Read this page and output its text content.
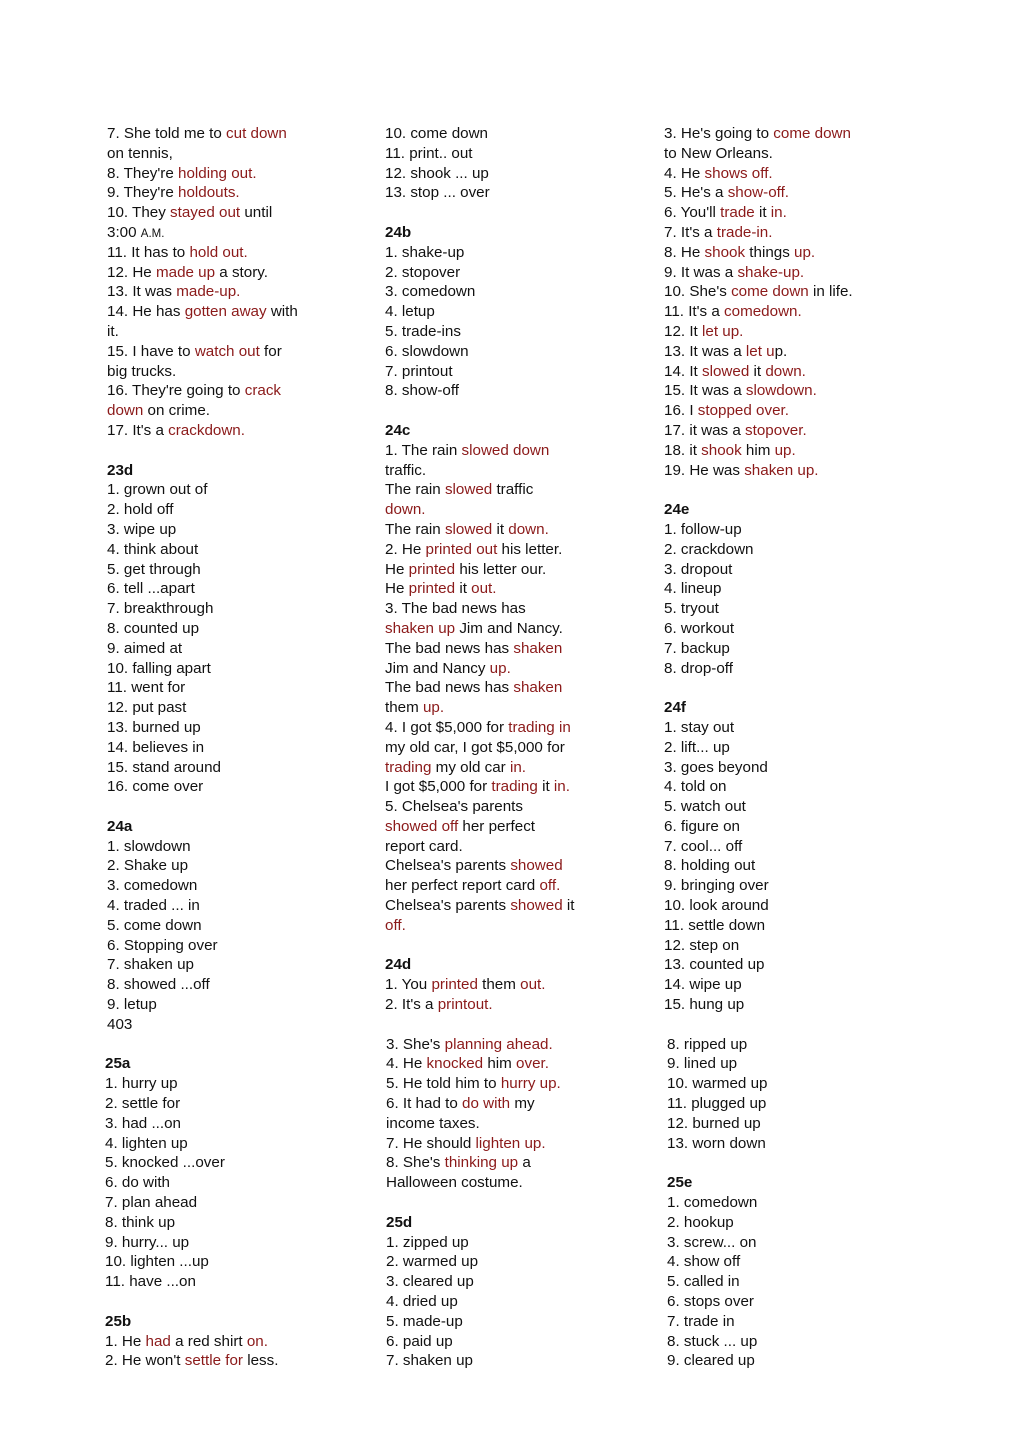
7. She told me to cut down
on tennis,
8. They're holding out.
9. They're holdouts.
10. They stayed out until
3:00 A.M.
11. It has to hold out.
12. He made up a story.
13. It was made-up.
14. He has gotten away with
it.
15. I have to watch out for
big trucks.
16. They're going to crack
down on crime.
17. It's a crackdown.
23d
1. grown out of
2. hold off
3. wipe up
4. think about
5. get through
6. tell ...apart
7. breakthrough
8. counted up
9. aimed at
10. falling apart
11. went for
12. put past
13. burned up
14. believes in
15. stand around
16. come over
24a
1. slowdown
2. Shake up
3. comedown
4. traded ... in
5. come down
6. Stopping over
7. shaken up
8. showed ...off
9. letup
403
25a
1. hurry up
2. settle for
3. had ...on
4. lighten up
5. knocked ...over
6. do with
7. plan ahead
8. think up
9. hurry... up
10. lighten ...up
11. have ...on
25b
1. He had a red shirt on.
2. He won't settle for less.
10. come down
11. print.. out
12. shook ... up
13. stop ... over
24b
1. shake-up
2. stopover
3. comedown
4. letup
5. trade-ins
6. slowdown
7. printout
8. show-off
24c
1. The rain slowed down
traffic.
The rain slowed traffic
down.
The rain slowed it down.
2. He printed out his letter.
He printed his letter our.
He printed it out.
3. The bad news has
shaken up Jim and Nancy.
The bad news has shaken
Jim and Nancy up.
The bad news has shaken
them up.
4. I got $5,000 for trading in
my old car, I got $5,000 for
trading my old car in.
I got $5,000 for trading it in.
5. Chelsea's parents
showed off her perfect
report card.
Chelsea's parents showed
her perfect report card off.
Chelsea's parents showed it
off.
24d
1. You printed them out.
2. It's a printout.
3. She's planning ahead.
4. He knocked him over.
5. He told him to hurry up.
6. It had to do with my
income taxes.
7. He should lighten up.
8. She's thinking up a
Halloween costume.
25d
1. zipped up
2. warmed up
3. cleared up
4. dried up
5. made-up
6. paid up
7. shaken up
3. He's going to come down
to New Orleans.
4. He shows off.
5. He's a show-off.
6. You'll trade it in.
7. It's a trade-in.
8. He shook things up.
9. It was a shake-up.
10. She's come down in life.
11. It's a comedown.
12. It let up.
13. It was a let up.
14. It slowed it down.
15. It was a slowdown.
16. I stopped over.
17. it was a stopover.
18. it shook him up.
19. He was shaken up.
24e
1. follow-up
2. crackdown
3. dropout
4. lineup
5. tryout
6. workout
7. backup
8. drop-off
24f
1. stay out
2. lift... up
3. goes beyond
4. told on
5. watch out
6. figure on
7. cool... off
8. holding out
9. bringing over
10. look around
11. settle down
12. step on
13. counted up
14. wipe up
15. hung up
8. ripped up
9. lined up
10. warmed up
11. plugged up
12. burned up
13. worn down
25e
1. comedown
2. hookup
3. screw... on
4. show off
5. called in
6. stops over
7. trade in
8. stuck ... up
9. cleared up
